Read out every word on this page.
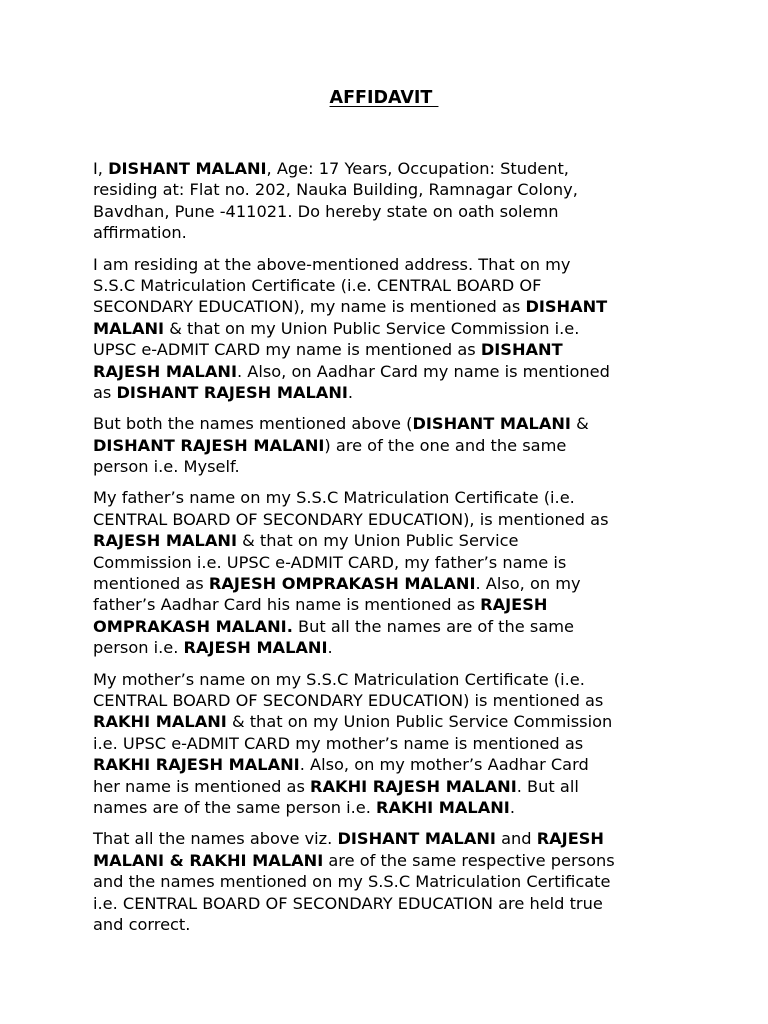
AFFIDAVIT
I, DISHANT MALANI, Age: 17 Years, Occupation: Student,
residing at: Flat no. 202, Nauka Building, Ramnagar Colony,
Bavdhan, Pune -411021. Do hereby state on oath solemn
affirmation.
I am residing at the above-mentioned address. That on my
S.S.C Matriculation Certificate (i.e. CENTRAL BOARD OF
SECONDARY EDUCATION), my name is mentioned as DISHANT
MALANI & that on my Union Public Service Commission i.e.
UPSC e-ADMIT CARD my name is mentioned as DISHANT
RAJESH MALANI. Also, on Aadhar Card my name is mentioned
as DISHANT RAJESH MALANI.
But both the names mentioned above (DISHANT MALANI &
DISHANT RAJESH MALANI) are of the one and the same
person i.e. Myself.
My father’s name on my S.S.C Matriculation Certificate (i.e.
CENTRAL BOARD OF SECONDARY EDUCATION), is mentioned as
RAJESH MALANI & that on my Union Public Service
Commission i.e. UPSC e-ADMIT CARD, my father’s name is
mentioned as RAJESH OMPRAKASH MALANI. Also, on my
father’s Aadhar Card his name is mentioned as RAJESH
OMPRAKASH MALANI. But all the names are of the same
person i.e. RAJESH MALANI.
My mother’s name on my S.S.C Matriculation Certificate (i.e.
CENTRAL BOARD OF SECONDARY EDUCATION) is mentioned as
RAKHI MALANI & that on my Union Public Service Commission
i.e. UPSC e-ADMIT CARD my mother’s name is mentioned as
RAKHI RAJESH MALANI. Also, on my mother’s Aadhar Card
her name is mentioned as RAKHI RAJESH MALANI. But all
names are of the same person i.e. RAKHI MALANI.
That all the names above viz. DISHANT MALANI and RAJESH
MALANI & RAKHI MALANI are of the same respective persons
and the names mentioned on my S.S.C Matriculation Certificate
i.e. CENTRAL BOARD OF SECONDARY EDUCATION are held true
and correct.
